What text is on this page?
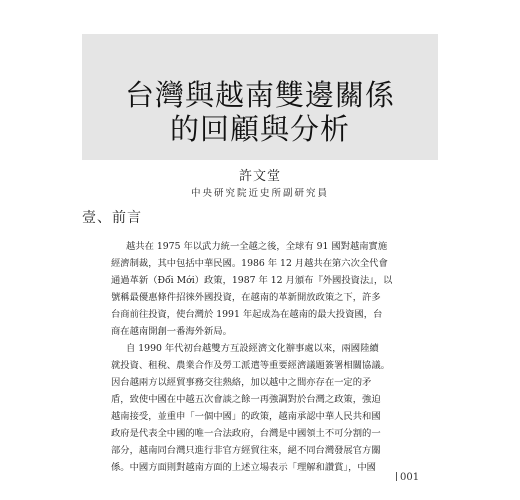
台灣與越南雙邊關係
的回顧與分析
許文堂
中央研究院近史所副研究員
壹、前言
越共在 1975 年以武力統一全越之後，全球有 91 國對越南實施
經濟制裁，其中包括中華民國。1986 年 12 月越共在第六次全代會
通過革新（Đổi Mới）政策，1987 年 12 月頒布『外國投資法』，以
號稱最優惠條件招徠外國投資，在越南的革新開放政策之下，許多
台商前往投資，使台灣於 1991 年起成為在越南的最大投資國，台
商在越南開創一番海外新局。
自 1990 年代初台越雙方互設經濟文化辦事處以來，兩國陸續
就投資、租稅、農業合作及勞工派遣等重要經濟議題簽署相關協議。
因台越兩方以經貿事務交往熱絡，加以越中之間亦存在一定的矛
盾，致使中國在中越五次會談之餘一再強調對於台灣之政策，強迫
越南接受，並重申「一個中國」的政策，越南承認中華人民共和國
政府是代表全中國的唯一合法政府，台灣是中國領土不可分割的一
部分，越南同台灣只進行非官方經貿往來，絕不同台灣發展官方關
係。中國方面則對越南方面的上述立場表示「理解和讚賞」，中國
001
